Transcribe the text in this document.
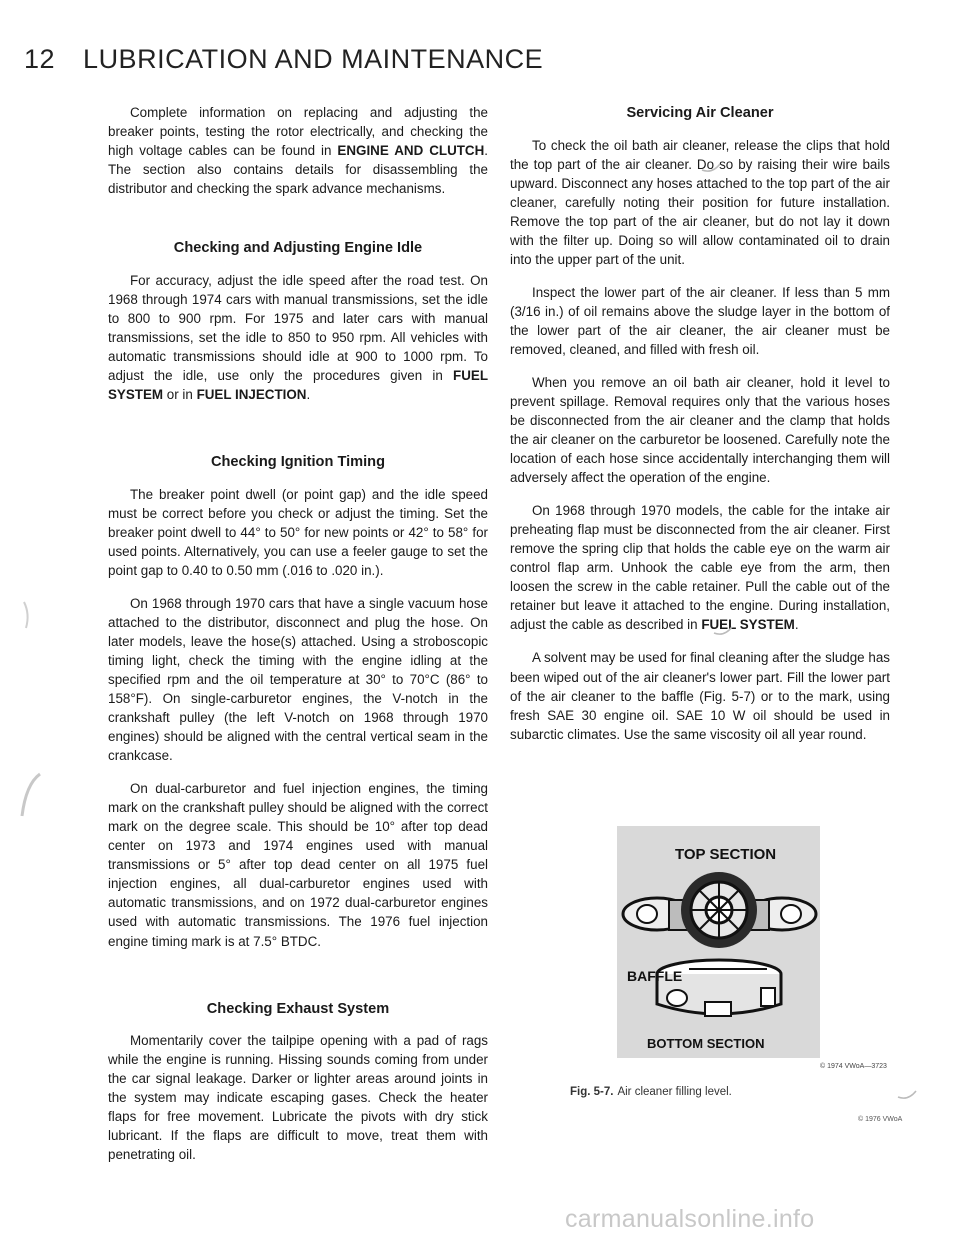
12 LUBRICATION AND MAINTENANCE

Complete information on replacing and adjusting the breaker points, testing the rotor electrically, and checking the high voltage cables can be found in ENGINE AND CLUTCH. The section also contains details for disassembling the distributor and checking the spark advance mechanisms.

Checking and Adjusting Engine Idle

For accuracy, adjust the idle speed after the road test. On 1968 through 1974 cars with manual transmissions, set the idle to 800 to 900 rpm. For 1975 and later cars with manual transmissions, set the idle to 850 to 950 rpm. All vehicles with automatic transmissions should idle at 900 to 1000 rpm. To adjust the idle, use only the procedures given in FUEL SYSTEM or in FUEL INJECTION.

Checking Ignition Timing

The breaker point dwell (or point gap) and the idle speed must be correct before you check or adjust the timing. Set the breaker point dwell to 44° to 50° for new points or 42° to 58° for used points. Alternatively, you can use a feeler gauge to set the point gap to 0.40 to 0.50 mm (.016 to .020 in.).

On 1968 through 1970 cars that have a single vacuum hose attached to the distributor, disconnect and plug the hose. On later models, leave the hose(s) attached. Using a stroboscopic timing light, check the timing with the engine idling at the specified rpm and the oil temperature at 30° to 70°C (86° to 158°F). On single-carburetor engines, the V-notch in the crankshaft pulley (the left V-notch on 1968 through 1970 engines) should be aligned with the central vertical seam in the crankcase.

On dual-carburetor and fuel injection engines, the timing mark on the crankshaft pulley should be aligned with the correct mark on the degree scale. This should be 10° after top dead center on 1973 and 1974 engines used with manual transmissions or 5° after top dead center on all 1975 fuel injection engines, all dual-carburetor engines used with automatic transmissions, and on 1972 dual-carburetor engines used with automatic transmissions. The 1976 fuel injection engine timing mark is at 7.5° BTDC.

Checking Exhaust System

Momentarily cover the tailpipe opening with a pad of rags while the engine is running. Hissing sounds coming from under the car signal leakage. Darker or lighter areas around joints in the system may indicate escaping gases. Check the heater flaps for free movement. Lubricate the pivots with dry stick lubricant. If the flaps are difficult to move, treat them with penetrating oil.

Servicing Air Cleaner

To check the oil bath air cleaner, release the clips that hold the top part of the air cleaner. Do so by raising their wire bails upward. Disconnect any hoses attached to the top part of the air cleaner, carefully noting their position for future installation. Remove the top part of the air cleaner, but do not lay it down with the filter up. Doing so will allow contaminated oil to drain into the upper part of the unit.

Inspect the lower part of the air cleaner. If less than 5 mm (3/16 in.) of oil remains above the sludge layer in the bottom of the lower part of the air cleaner, the air cleaner must be removed, cleaned, and filled with fresh oil.

When you remove an oil bath air cleaner, hold it level to prevent spillage. Removal requires only that the various hoses be disconnected from the air cleaner and the clamp that holds the air cleaner on the carburetor be loosened. Carefully note the location of each hose since accidentally interchanging them will adversely affect the operation of the engine.

On 1968 through 1970 models, the cable for the intake air preheating flap must be disconnected from the air cleaner. First remove the spring clip that holds the cable eye on the warm air control flap arm. Unhook the cable eye from the arm, then loosen the screw in the cable retainer. Pull the cable out of the retainer but leave it attached to the engine. During installation, adjust the cable as described in FUEL SYSTEM.

A solvent may be used for final cleaning after the sludge has been wiped out of the air cleaner's lower part. Fill the lower part of the air cleaner to the baffle (Fig. 5-7) or to the mark, using fresh SAE 30 engine oil. SAE 10 W oil should be used in subarctic climates. Use the same viscosity oil all year round.

TOP SECTION
BAFFLE
BOTTOM SECTION
© 1974 VWoA—3723
Fig. 5-7. Air cleaner filling level.
© 1976 VWoA
carmanualsonline.info
